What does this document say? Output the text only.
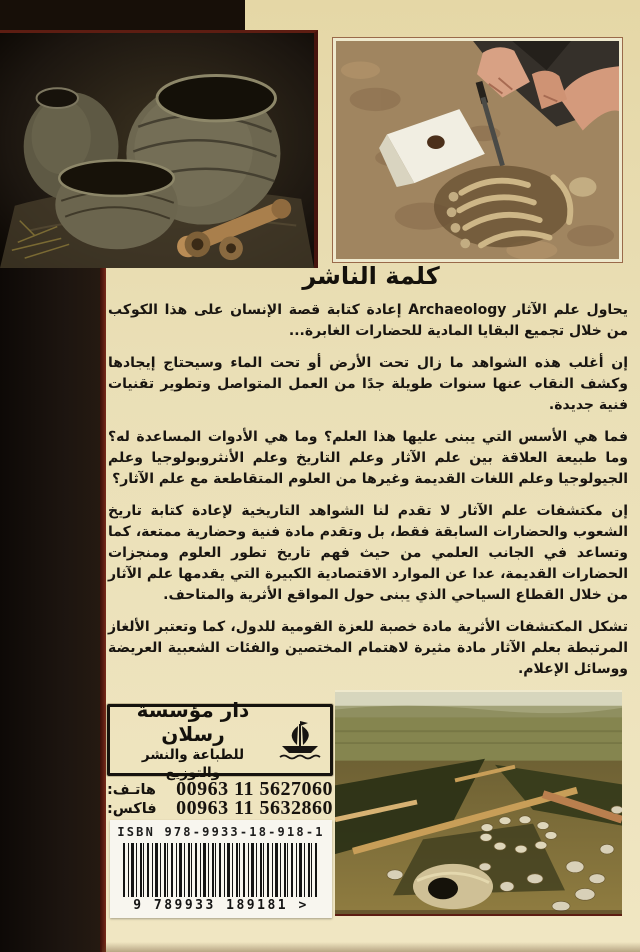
كلمة الناشر

يحاول علم الآثار Archaeology إعادة كتابة قصة الإنسان على هذا الكوكب من خلال تجميع البقايا المادية للحضارات الغابرة...

إن أغلب هذه الشواهد ما زال تحت الأرض أو تحت الماء وسيحتاج إيجادها وكشف النقاب عنها سنوات طويلة جدًا من العمل المتواصل وتطوير تقنيات فنية جديدة.

فما هي الأسس التي يبنى عليها هذا العلم؟ وما هي الأدوات المساعدة له؟ وما طبيعة العلاقة بين علم الآثار وعلم التاريخ وعلم الأنثروبولوجيا وعلم الجيولوجيا وعلم اللغات القديمة وغيرها من العلوم المتقاطعة مع علم الآثار؟

إن مكتشفات علم الآثار لا تقدم لنا الشواهد التاريخية لإعادة كتابة تاريخ الشعوب والحضارات السابقة فقط، بل وتقدم مادة فنية وحضارية ممتعة، كما وتساعد في الجانب العلمي من حيث فهم تاريخ تطور العلوم ومنجزات الحضارات القديمة، عدا عن الموارد الاقتصادية الكبيرة التي يقدمها علم الآثار من خلال القطاع السياحي الذي يبنى حول المواقع الأثرية والمتاحف.

تشكل المكتشفات الأثرية مادة خصبة للعزة القومية للدول، كما وتعتبر الألغاز المرتبطة بعلم الآثار مادة مثيرة لاهتمام المختصين والفئات الشعبية العريضة ووسائل الإعلام.

دار مؤسسة رسلان
للطباعة والنشر والتوزيع
00963 11 5627060
هاتـف:
00963 11 5632860
فاكس:
ISBN 978-9933-18-918-1
9 789933 189181 >
